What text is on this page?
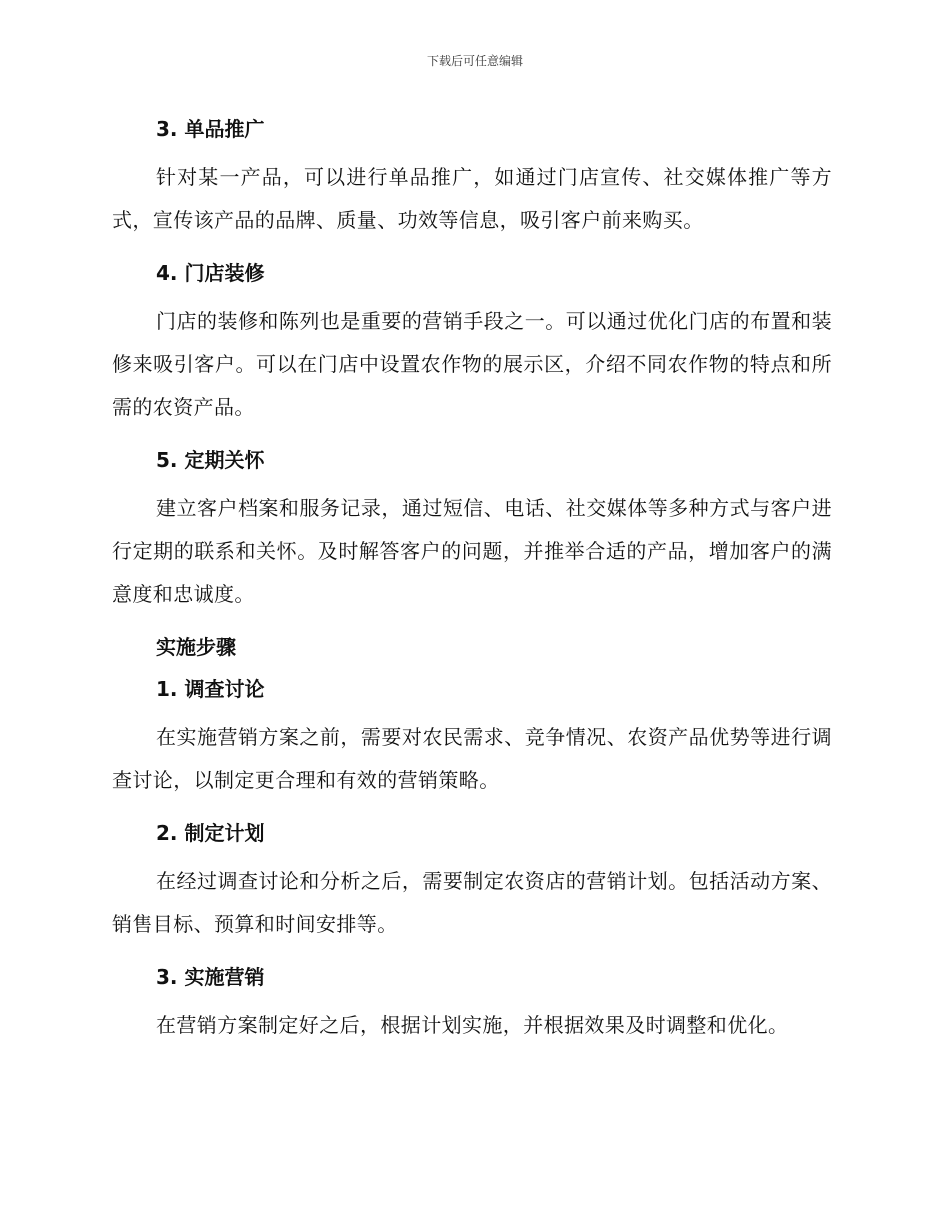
下载后可任意编辑
3. 单品推广

针对某一产品，可以进行单品推广，如通过门店宣传、社交媒体推广等方式，宣传该产品的品牌、质量、功效等信息，吸引客户前来购买。

4. 门店装修

门店的装修和陈列也是重要的营销手段之一。可以通过优化门店的布置和装修来吸引客户。可以在门店中设置农作物的展示区，介绍不同农作物的特点和所需的农资产品。

5. 定期关怀

建立客户档案和服务记录，通过短信、电话、社交媒体等多种方式与客户进行定期的联系和关怀。及时解答客户的问题，并推举合适的产品，增加客户的满意度和忠诚度。

实施步骤
1. 调查讨论

在实施营销方案之前，需要对农民需求、竞争情况、农资产品优势等进行调查讨论，以制定更合理和有效的营销策略。

2. 制定计划

在经过调查讨论和分析之后，需要制定农资店的营销计划。包括活动方案、销售目标、预算和时间安排等。

3. 实施营销

在营销方案制定好之后，根据计划实施，并根据效果及时调整和优化。
